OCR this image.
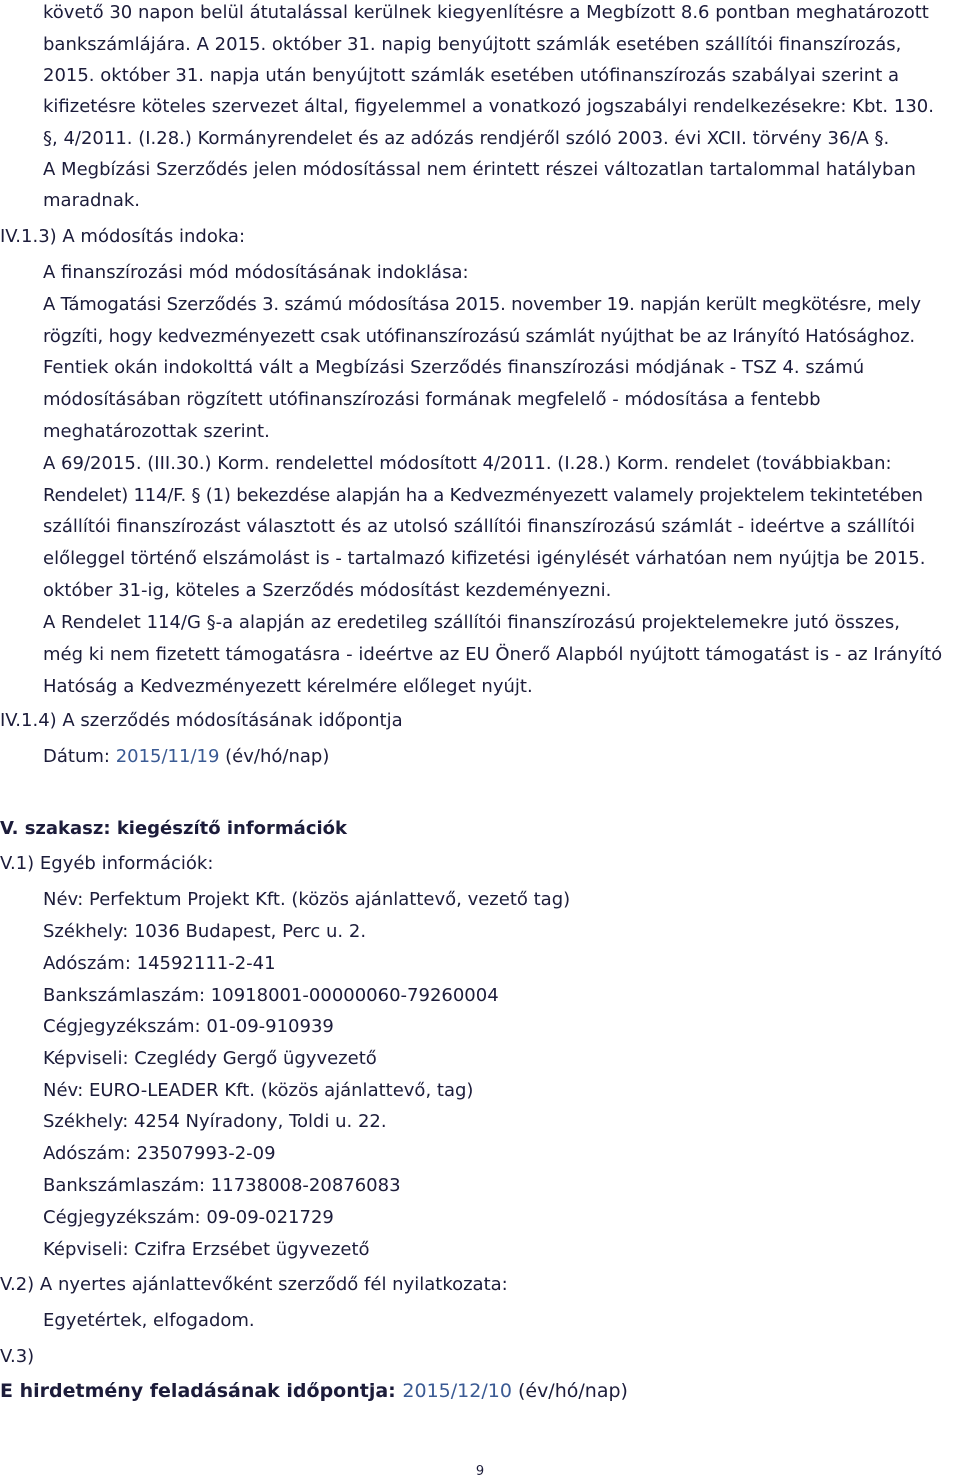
követő 30 napon belül átutalással kerülnek kiegyenlítésre a Megbízott 8.6 pontban meghatározott
bankszámlájára. A 2015. október 31. napig benyújtott számlák esetében szállítói finanszírozás,
2015. október 31. napja után benyújtott számlák esetében utófinanszírozás szabályai szerint a
kifizetésre köteles szervezet által, figyelemmel a vonatkozó jogszabályi rendelkezésekre: Kbt. 130.
§, 4/2011. (I.28.) Kormányrendelet és az adózás rendjéről szóló 2003. évi XCII. törvény 36/A §.
A Megbízási Szerződés jelen módosítással nem érintett részei változatlan tartalommal hatályban
maradnak.
IV.1.3) A módosítás indoka:
A finanszírozási mód módosításának indoklása:
A Támogatási Szerződés 3. számú módosítása 2015. november 19. napján került megkötésre, mely
rögzíti, hogy kedvezményezett csak utófinanszírozású számlát nyújthat be az Irányító Hatósághoz.
Fentiek okán indokolttá vált a Megbízási Szerződés finanszírozási módjának - TSZ 4. számú
módosításában rögzített utófinanszírozási formának megfelelő - módosítása a fentebb
meghatározottak szerint.
A 69/2015. (III.30.) Korm. rendelettel módosított 4/2011. (I.28.) Korm. rendelet (továbbiakban:
Rendelet) 114/F. § (1) bekezdése alapján ha a Kedvezményezett valamely projektelem tekintetében
szállítói finanszírozást választott és az utolsó szállítói finanszírozású számlát - ideértve a szállítói
előleggel történő elszámolást is - tartalmazó kifizetési igénylését várhatóan nem nyújtja be 2015.
október 31-ig, köteles a Szerződés módosítást kezdeményezni.
A Rendelet 114/G §-a alapján az eredetileg szállítói finanszírozású projektelemekre jutó összes,
még ki nem fizetett támogatásra - ideértve az EU Önerő Alapból nyújtott támogatást is - az Irányító
Hatóság a Kedvezményezett kérelmére előleget nyújt.
IV.1.4) A szerződés módosításának időpontja
Dátum: 2015/11/19 (év/hó/nap)
V. szakasz: kiegészítő információk
V.1) Egyéb információk:
Név: Perfektum Projekt Kft. (közös ajánlattevő, vezető tag)
Székhely: 1036 Budapest, Perc u. 2.
Adószám: 14592111-2-41
Bankszámlaszám: 10918001-00000060-79260004
Cégjegyzékszám: 01-09-910939
Képviseli: Czeglédy Gergő ügyvezető
Név: EURO-LEADER Kft. (közös ajánlattevő, tag)
Székhely: 4254 Nyíradony, Toldi u. 22.
Adószám: 23507993-2-09
Bankszámlaszám: 11738008-20876083
Cégjegyzékszám: 09-09-021729
Képviseli: Czifra Erzsébet ügyvezető
V.2) A nyertes ajánlattevőként szerződő fél nyilatkozata:
Egyetértek, elfogadom.
V.3)
E hirdetmény feladásának időpontja: 2015/12/10 (év/hó/nap)
9
